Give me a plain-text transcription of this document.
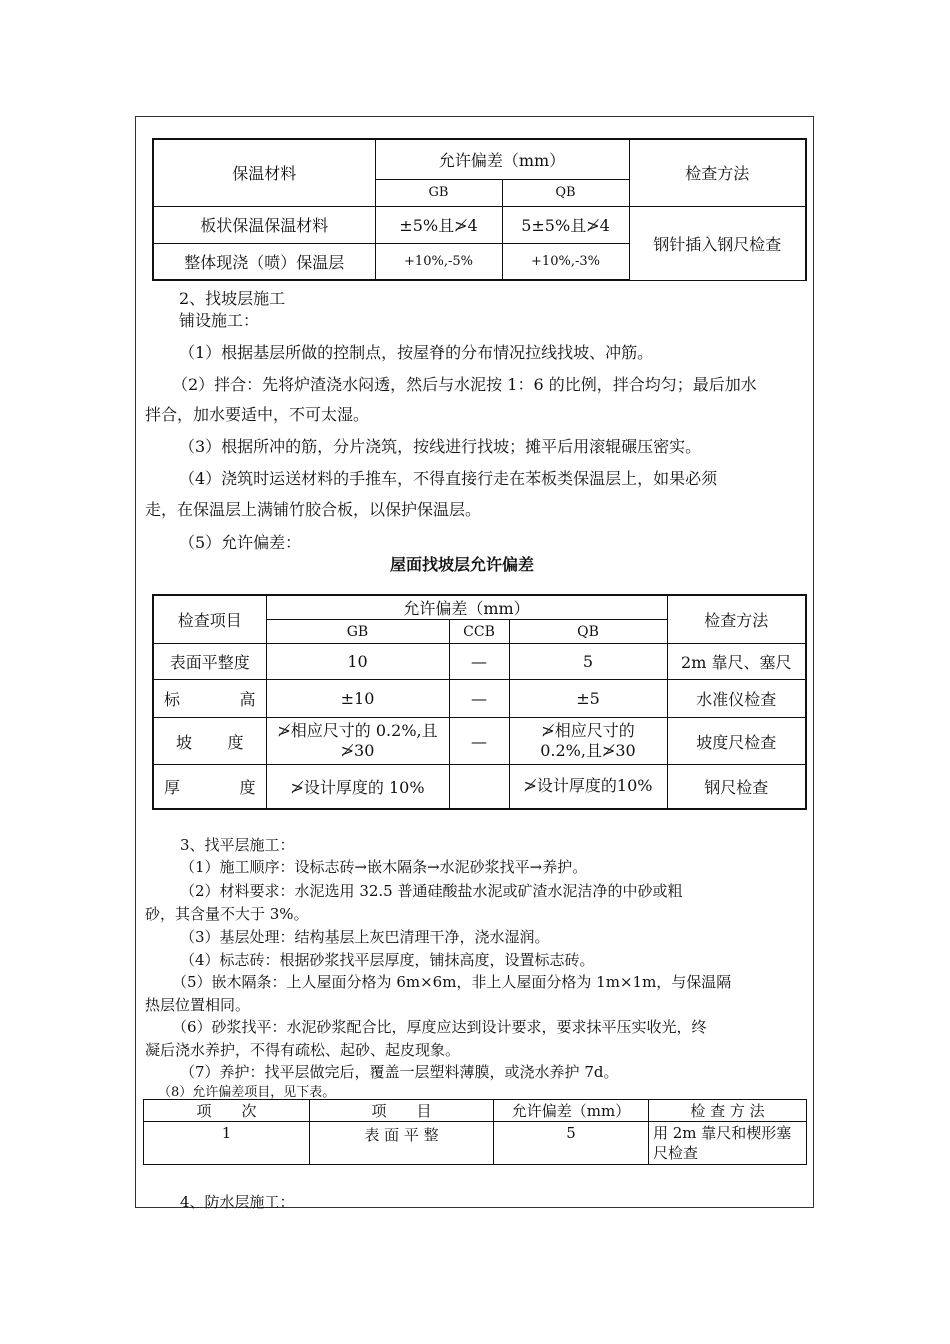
保温材料	允许偏差（mm）		检查方法
	GB	QB	
板状保温保温材料	±5%且≯4	5±5%且≯4	钢针插入钢尺检查
整体现浇（喷）保温层	+10%,-5%	+10%,-3%	
2、找坡层施工
铺设施工：
（1）根据基层所做的控制点，按屋脊的分布情况拉线找坡、冲筋。
（2）拌合：先将炉渣浇水闷透，然后与水泥按 1：6 的比例，拌合均匀；最后加水
拌合，加水要适中，不可太湿。
（3）根据所冲的筋，分片浇筑，按线进行找坡；摊平后用滚辊碾压密实。
（4）浇筑时运送材料的手推车，不得直接行走在苯板类保温层上，如果必须
走，在保温层上满铺竹胶合板，以保护保温层。
（5）允许偏差：
屋面找坡层允许偏差
检查项目	允许偏差（mm）			检查方法
	GB	CCB	QB	
表面平整度	10	—	5	2m 靠尺、塞尺

标 高	±10	—	±5	水准仪检查

坡 度	≯相应尺寸的 0.2%,且≯30	—	≯相应尺寸的0.2%,且≯30	坡度尺检查

厚 度	≯设计厚度的 10%		≯设计厚度的10%	钢尺检查
3、找平层施工：
（1）施工顺序：设标志砖→嵌木隔条→水泥砂浆找平→养护。
（2）材料要求：水泥选用 32.5 普通硅酸盐水泥或矿渣水泥洁净的中砂或粗
砂，其含量不大于 3%。
（3）基层处理：结构基层上灰巴清理干净，浇水湿润。
（4）标志砖：根据砂浆找平层厚度，铺抹高度，设置标志砖。
（5）嵌木隔条：上人屋面分格为 6m×6m，非上人屋面分格为 1m×1m，与保温隔
热层位置相同。
（6）砂浆找平：水泥砂浆配合比，厚度应达到设计要求，要求抹平压实收光，终
凝后浇水养护，不得有疏松、起砂、起皮现象。
（7）养护：找平层做完后，覆盖一层塑料薄膜，或浇水养护 7d。
（8）允许偏差项目，见下表。
项　　次	项　　目	允许偏差（mm）	检 查 方 法
1	表 面 平 整	5	用 2m 靠尺和楔形塞尺检查
4、防水层施工：
